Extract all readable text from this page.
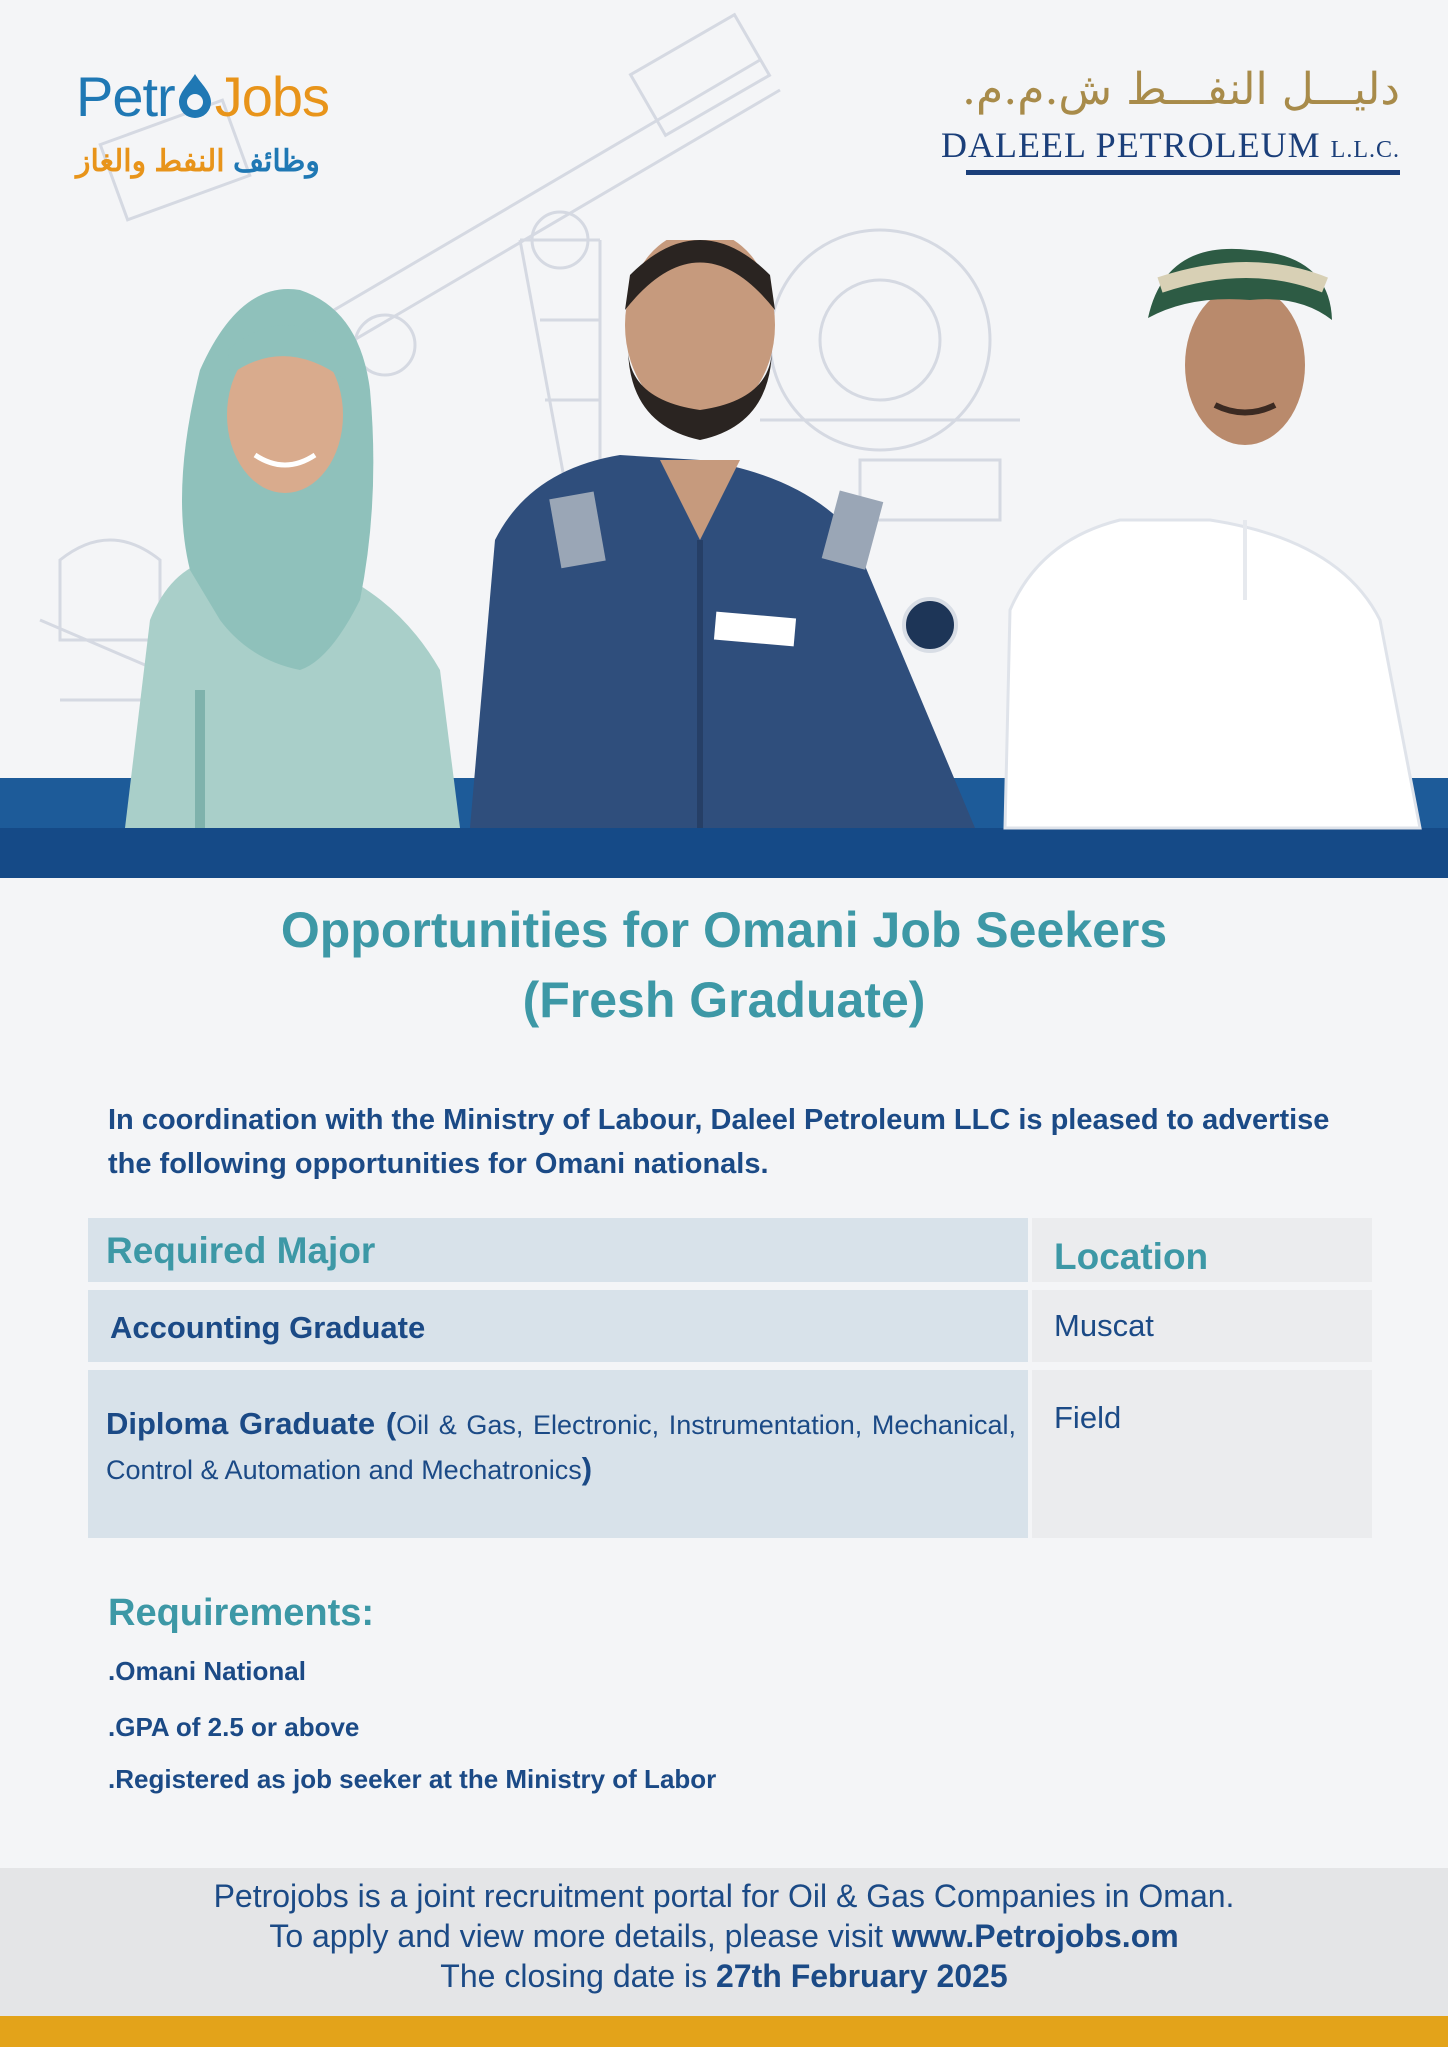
Petr Jobs
وظائف النفط والغاز
دليـــل النفـــط ش.م.م.
DALEEL PETROLEUM L.L.C.
Opportunities for Omani Job Seekers
(Fresh Graduate)
In coordination with the Ministry of Labour, Daleel Petroleum LLC is pleased to advertise the following opportunities for Omani nationals.
Required Major	Location
Accounting Graduate	Muscat
Diploma Graduate (Oil & Gas, Electronic, Instrumentation, Mechanical, Control & Automation and Mechatronics)
Field
Requirements:
.Omani National
.GPA of 2.5 or above
.Registered as job seeker at the Ministry of Labor
Petrojobs is a joint recruitment portal for Oil & Gas Companies in Oman.
To apply and view more details, please visit www.Petrojobs.om
The closing date is 27th February 2025
